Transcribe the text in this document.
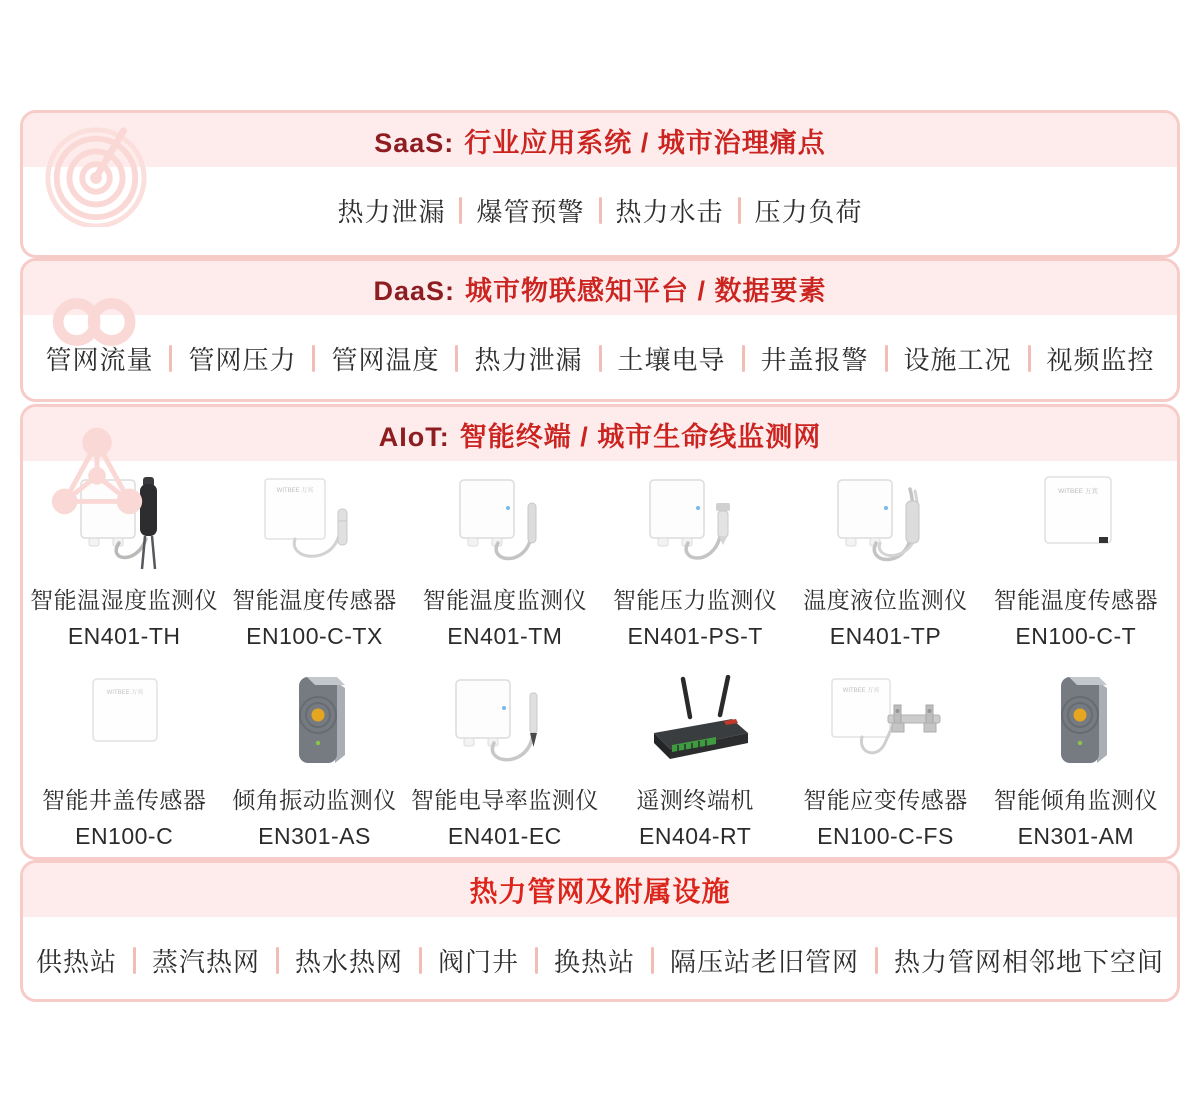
SaaS: 行业应用系统 / 城市治理痛点
热力泄漏 爆管预警 热力水击 压力负荷
DaaS: 城市物联感知平台 / 数据要素
管网流量 管网压力 管网温度 热力泄漏 土壤电导 井盖报警 设施工况 视频监控
AIoT: 智能终端 / 城市生命线监测网
智能温湿度监测仪
EN401-TH
WITBEE 万宾
智能温度传感器
EN100-C-TX
智能温度监测仪
EN401-TM
智能压力监测仪
EN401-PS-T
温度液位监测仪
EN401-TP
WITBEE 万宾
智能温度传感器
EN100-C-T
WITBEE 万宾
智能井盖传感器
EN100-C
倾角振动监测仪
EN301-AS
智能电导率监测仪
EN401-EC
遥测终端机
EN404-RT
WITBEE 万宾
智能应变传感器
EN100-C-FS
智能倾角监测仪
EN301-AM
热力管网及附属设施
供热站 蒸汽热网 热水热网 阀门井 换热站 隔压站老旧管网 热力管网相邻地下空间
